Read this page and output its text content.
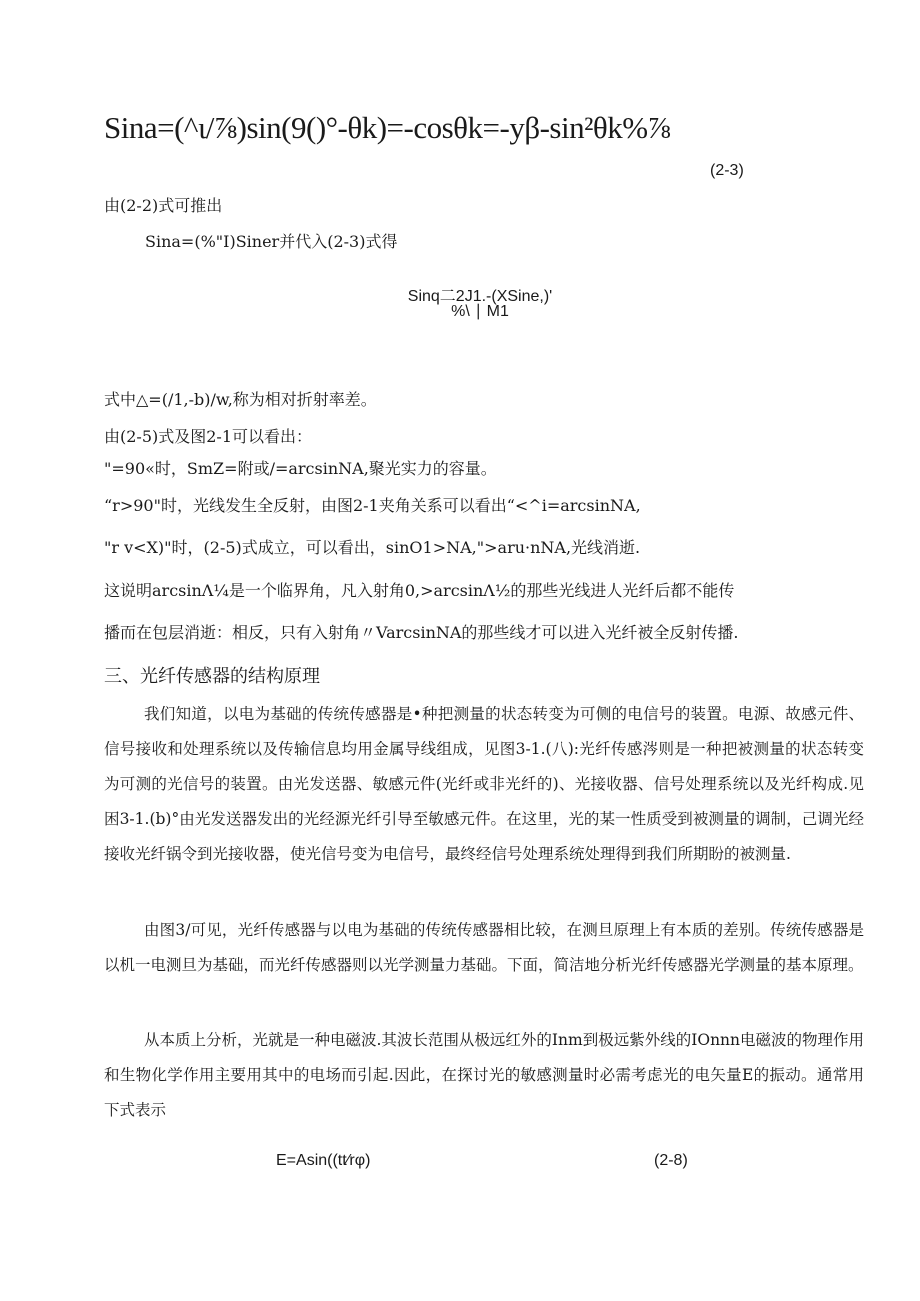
Sina=(^ι/⅞)sin(9()°-θk)=-cosθk=-yβ-sin²θk%⅞
(2-3)
由(2-2)式可推出
Sina=(%"I)Siner并代入(2-3)式得
Sinq二2J1.-(XSine,)'
%\ ∣ M1
式中△=(/1,-b)/w,称为相对折射率差。
由(2-5)式及图2-1可以看出：
"=90«时，SmZ=附或/=arcsinNA,聚光实力的容量。
“r>90"时，光线发生全反射，由图2-1夹角关系可以看出“<^i=arcsinNA,
"r v<X)"时，(2-5)式成立，可以看出，sinO1>NA,">aru·nNA,光线消逝.
这说明arcsinΛ¼是一个临界角，凡入射角0,>arcsinΛ½的那些光线进人光纤后都不能传
播而在包层消逝：相反，只有入射角〃VarcsinNA的那些线才可以进入光纤被全反射传播.
三、光纤传感器的结构原理
我们知道，以电为基础的传统传感器是•种把测量的状态转变为可侧的电信号的装置。电源、故感元件、信号接收和处理系统以及传输信息均用金属导线组成，见图3-1.(八):光纤传感涔则是一种把被测量的状态转变为可测的光信号的装置。由光发送器、敏感元件(光纤或非光纤的)、光接收器、信号处理系统以及光纤构成.见困3-1.(b)°由光发送器发出的光经源光纤引导至敏感元件。在这里，光的某一性质受到被测量的调制，己调光经接收光纤锅令到光接收器，使光信号变为电信号，最终经信号处理系统处理得到我们所期盼的被测量.
由图3/可见，光纤传感器与以电为基础的传统传感器相比较，在测旦原理上有本质的差别。传统传感器是以机一电测旦为基础，而光纤传感器则以光学测量力基础。下面，简洁地分析光纤传感器光学测量的基本原理。
从本质上分析，光就是一种电磁波.其波长范围从极远红外的Inm到极远紫外线的IOnnn电磁波的物理作用和生物化学作用主要用其中的电场而引起.因此，在探讨光的敏感测量时必需考虑光的电矢量E的振动。通常用下式表示
E=Asin((tt∕rφ)	(2-8)
